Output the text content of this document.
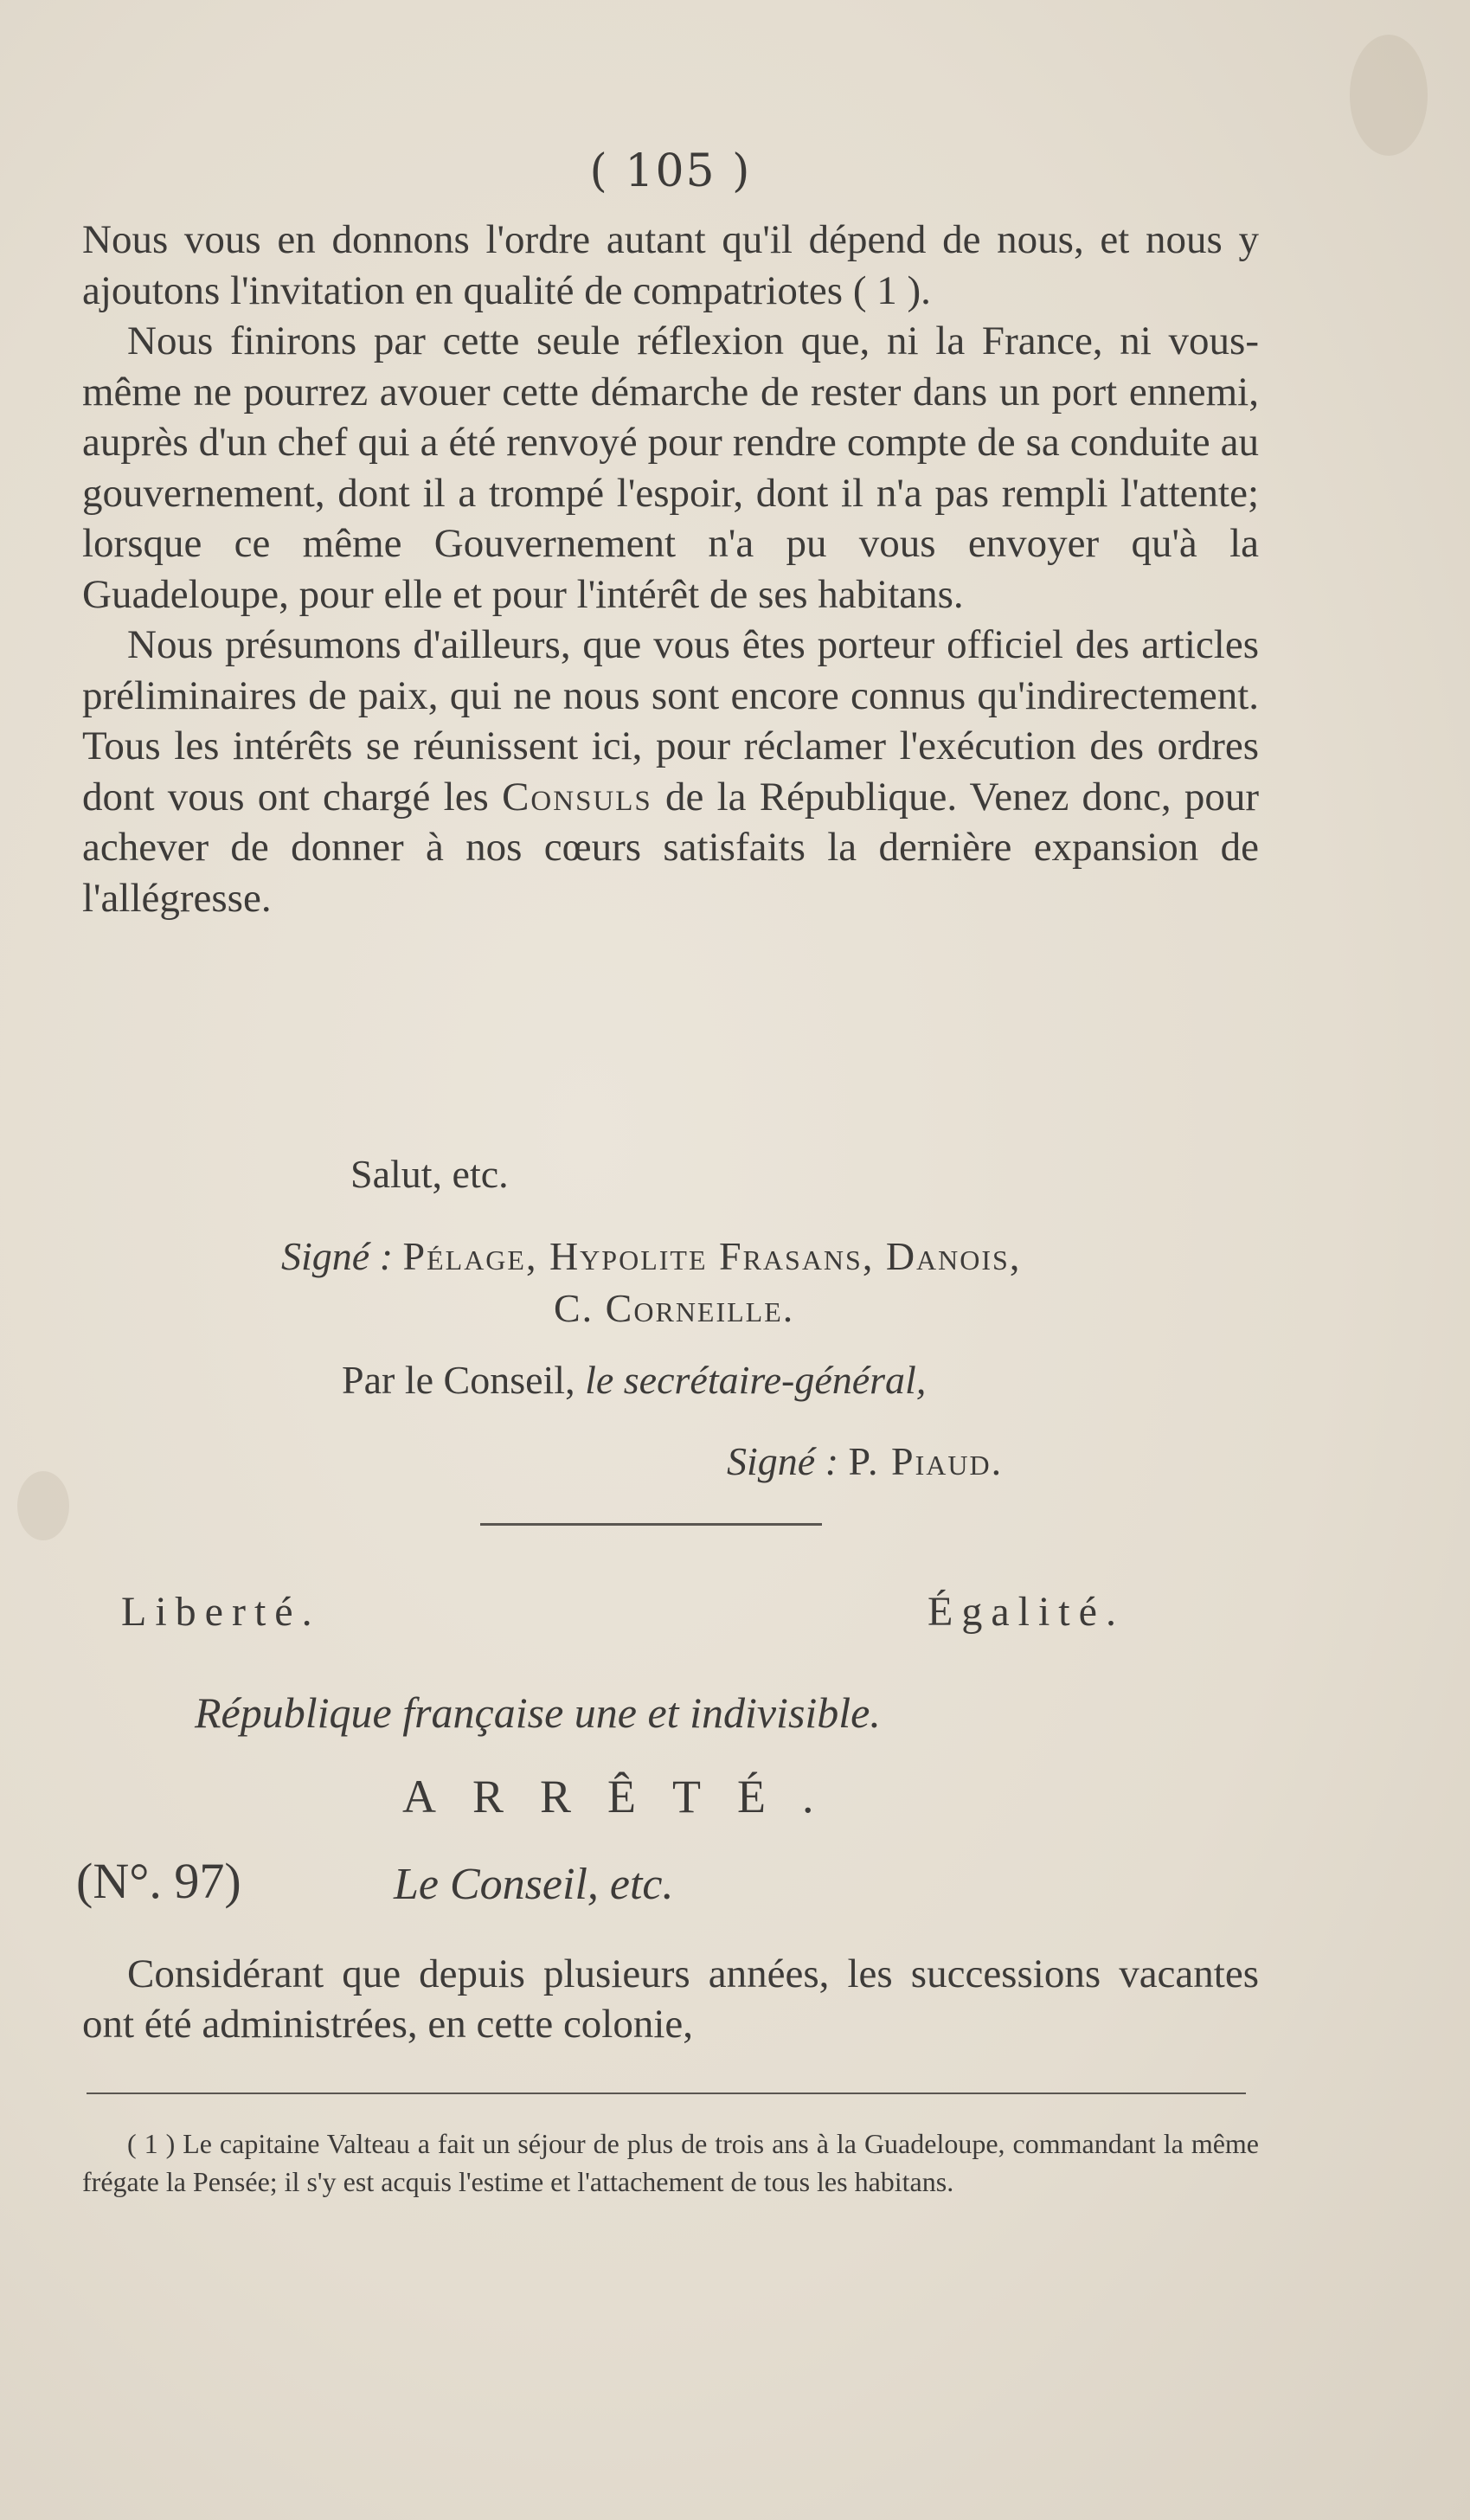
( 105 )

Nous vous en donnons l'ordre autant qu'il dépend de nous, et nous y ajoutons l'invitation en qualité de compatriotes ( 1 ).

Nous finirons par cette seule réflexion que, ni la France, ni vous-même ne pourrez avouer cette démarche de rester dans un port ennemi, auprès d'un chef qui a été renvoyé pour rendre compte de sa conduite au gouvernement, dont il a trompé l'espoir, dont il n'a pas rempli l'attente; lorsque ce même Gouvernement n'a pu vous envoyer qu'à la Guadeloupe, pour elle et pour l'intérêt de ses habitans.

Nous présumons d'ailleurs, que vous êtes porteur officiel des articles préliminaires de paix, qui ne nous sont encore connus qu'indirectement. Tous les intérêts se réunissent ici, pour réclamer l'exécution des ordres dont vous ont chargé les Consuls de la République. Venez donc, pour achever de donner à nos cœurs satisfaits la dernière expansion de l'allégresse.

Salut, etc.
Signé : Pélage, Hypolite Frasans, Danois,
C. Corneille.
Par le Conseil, le secrétaire-général,
Signé : P. Piaud.
Liberté.	Égalité.
République française une et indivisible.
ARRÊTÉ.
(N°. 97)	Le Conseil, etc.

Considérant que depuis plusieurs années, les successions vacantes ont été administrées, en cette colonie,

( 1 ) Le capitaine Valteau a fait un séjour de plus de trois ans à la Guadeloupe, commandant la même frégate la Pensée; il s'y est acquis l'estime et l'attachement de tous les habitans.
